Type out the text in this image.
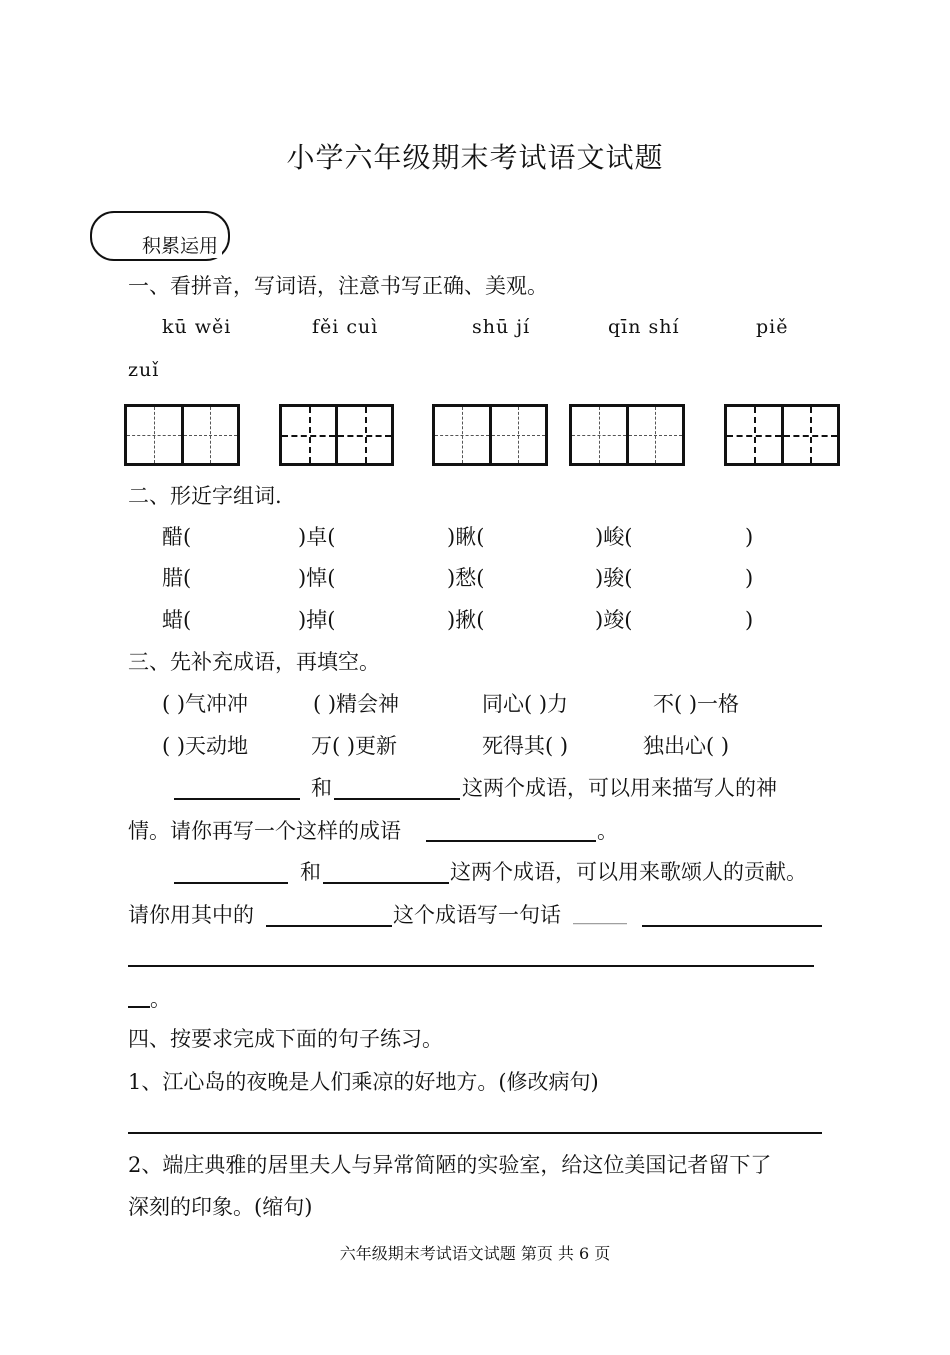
小学六年级期末考试语文试题
积累运用
一、看拼音，写词语，注意书写正确、美观。
kū wěi	fěi cuì	shū jí	qīn shí	piě
zuǐ
二、形近字组词.
醋(	)卓(	)瞅(	)峻(	)
腊(	)悼(	)愁(	)骏(	)
蜡(	)掉(	)揪(	)竣(	)
三、先补充成语，再填空。
( )气冲冲	( )精会神	同心( )力	不( )一格
( )天动地	万( )更新	死得其( )	独出心( )
和	这两个成语，可以用来描写人的神
情。请你再写一个这样的成语	。
和	这两个成语，可以用来歌颂人的贡献。
请你用其中的	这个成语写一句话 ______
。
四、按要求完成下面的句子练习。
1、江心岛的夜晚是人们乘凉的好地方。(修改病句)
2、端庄典雅的居里夫人与异常简陋的实验室，给这位美国记者留下了
深刻的印象。(缩句)
六年级期末考试语文试题 第页 共 6 页
